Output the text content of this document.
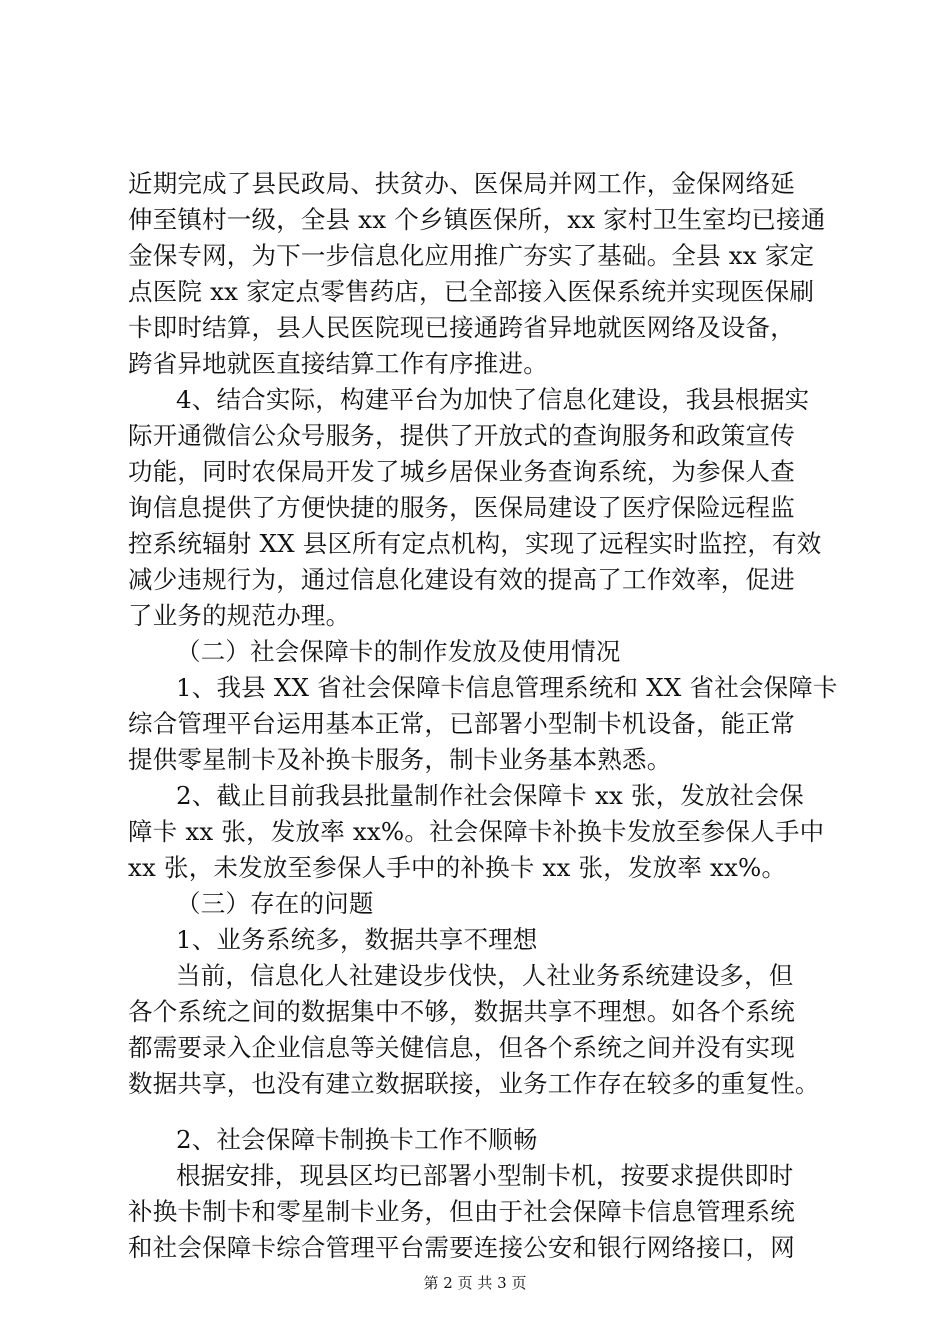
近期完成了县民政局、扶贫办、医保局并网工作，金保网络延
伸至镇村一级，全县 xx 个乡镇医保所，xx 家村卫生室均已接通
金保专网，为下一步信息化应用推广夯实了基础。全县 xx 家定
点医院 xx 家定点零售药店，已全部接入医保系统并实现医保刷
卡即时结算，县人民医院现已接通跨省异地就医网络及设备，
跨省异地就医直接结算工作有序推进。
4、结合实际，构建平台为加快了信息化建设，我县根据实
际开通微信公众号服务，提供了开放式的查询服务和政策宣传
功能，同时农保局开发了城乡居保业务查询系统，为参保人查
询信息提供了方便快捷的服务，医保局建设了医疗保险远程监
控系统辐射 XX 县区所有定点机构，实现了远程实时监控，有效
减少违规行为，通过信息化建设有效的提高了工作效率，促进
了业务的规范办理。
（二）社会保障卡的制作发放及使用情况
1、我县 XX 省社会保障卡信息管理系统和 XX 省社会保障卡
综合管理平台运用基本正常，已部署小型制卡机设备，能正常
提供零星制卡及补换卡服务，制卡业务基本熟悉。
2、截止目前我县批量制作社会保障卡 xx 张，发放社会保
障卡 xx 张，发放率 xx%。社会保障卡补换卡发放至参保人手中
xx 张，未发放至参保人手中的补换卡 xx 张，发放率 xx%。
（三）存在的问题
1、业务系统多，数据共享不理想
当前，信息化人社建设步伐快，人社业务系统建设多，但
各个系统之间的数据集中不够，数据共享不理想。如各个系统
都需要录入企业信息等关健信息，但各个系统之间并没有实现
数据共享，也没有建立数据联接，业务工作存在较多的重复性。
2、社会保障卡制换卡工作不顺畅
根据安排，现县区均已部署小型制卡机，按要求提供即时
补换卡制卡和零星制卡业务，但由于社会保障卡信息管理系统
和社会保障卡综合管理平台需要连接公安和银行网络接口，网
第 2 页 共 3 页
